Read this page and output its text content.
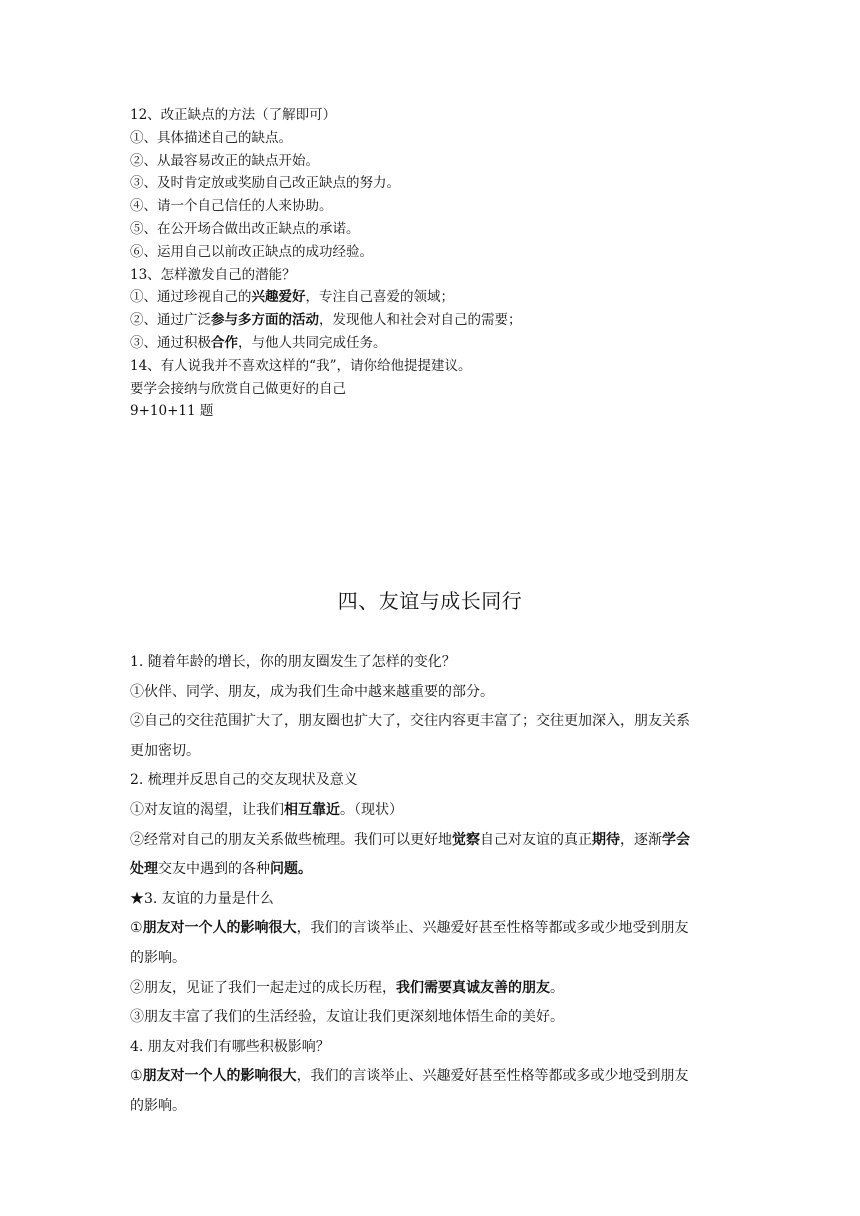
12、改正缺点的方法（了解即可）
①、具体描述自己的缺点。
②、从最容易改正的缺点开始。
③、及时肯定放或奖励自己改正缺点的努力。
④、请一个自己信任的人来协助。
⑤、在公开场合做出改正缺点的承诺。
⑥、运用自己以前改正缺点的成功经验。
13、怎样激发自己的潜能？
①、通过珍视自己的兴趣爱好，专注自己喜爱的领域；
②、通过广泛参与多方面的活动，发现他人和社会对自己的需要；
③、通过积极合作，与他人共同完成任务。
14、有人说我并不喜欢这样的“我”，请你给他提提建议。
要学会接纳与欣赏自己做更好的自己
9+10+11 题
四、友谊与成长同行
1. 随着年龄的增长，你的朋友圈发生了怎样的变化？
①伙伴、同学、朋友，成为我们生命中越来越重要的部分。
②自己的交往范围扩大了，朋友圈也扩大了，交往内容更丰富了；交往更加深入，朋友关系
更加密切。
2. 梳理并反思自己的交友现状及意义
①对友谊的渴望，让我们相互靠近。（现状）
②经常对自己的朋友关系做些梳理。我们可以更好地觉察自己对友谊的真正期待，逐渐学会
处理交友中遇到的各种问题。
★3. 友谊的力量是什么
①朋友对一个人的影响很大，我们的言谈举止、兴趣爱好甚至性格等都或多或少地受到朋友
的影响。
②朋友，见证了我们一起走过的成长历程，我们需要真诚友善的朋友。
③朋友丰富了我们的生活经验，友谊让我们更深刻地体悟生命的美好。
4. 朋友对我们有哪些积极影响？
①朋友对一个人的影响很大，我们的言谈举止、兴趣爱好甚至性格等都或多或少地受到朋友
的影响。
